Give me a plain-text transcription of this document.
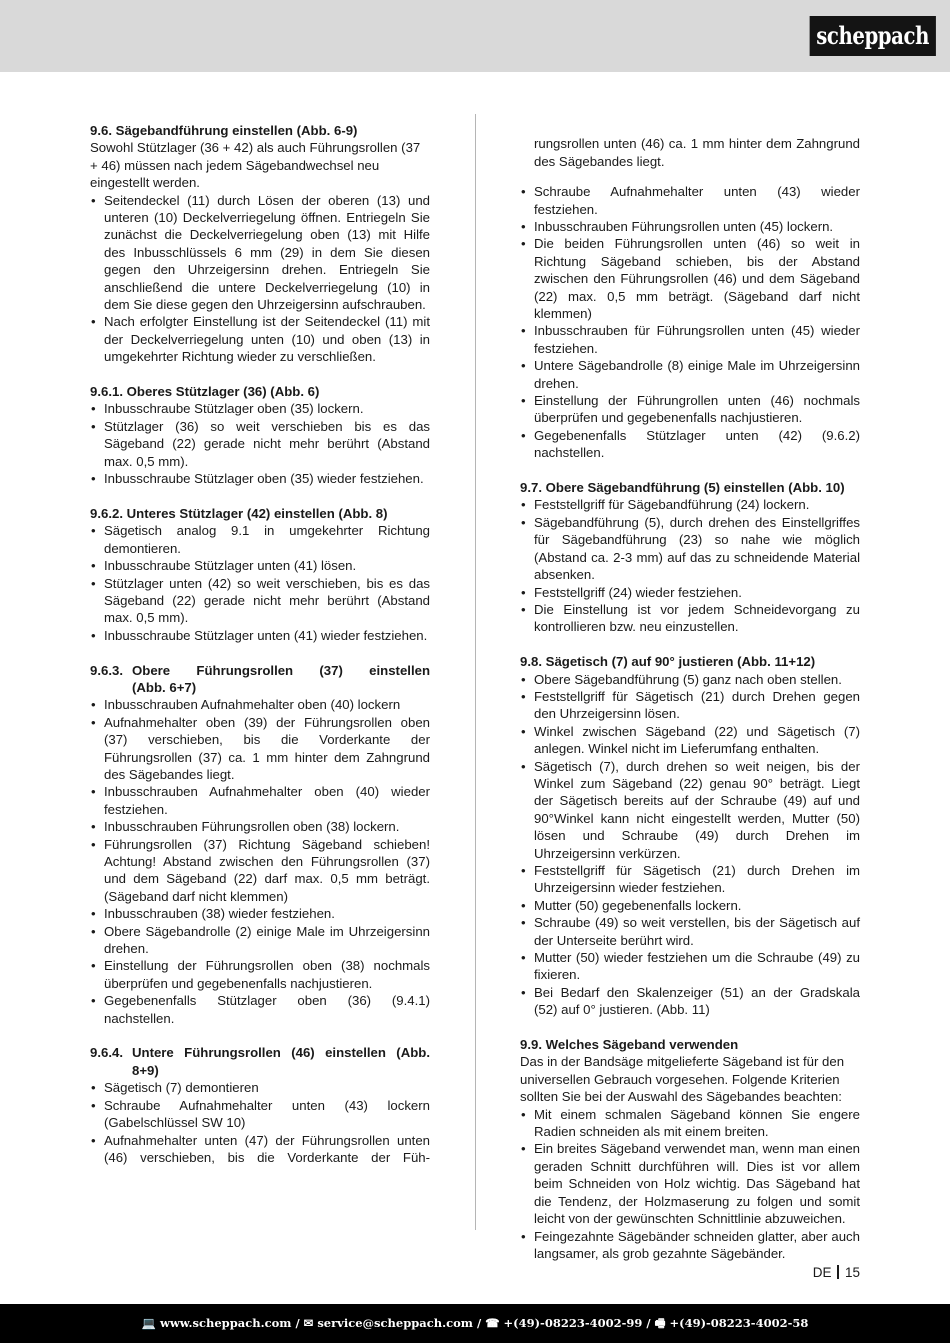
scheppach

9.6. Sägebandführung einstellen (Abb. 6-9)

Sowohl Stützlager (36 + 42) als auch Führungsrollen (37 + 46) müssen nach jedem Sägebandwechsel neu eingestellt werden.

• Seitendeckel (11) durch Lösen der oberen (13) und unteren (10) Deckelverriegelung öffnen. Entriegeln Sie zunächst die Deckelverriegelung oben (13) mit Hilfe des Inbusschlüssels 6 mm (29) in dem Sie diesen gegen den Uhrzeigersinn drehen. Entriegeln Sie anschließend die untere Deckelverriegelung (10) in dem Sie diese gegen den Uhrzeigersinn aufschrauben.
• Nach erfolgter Einstellung ist der Seitendeckel (11) mit der Deckelverriegelung unten (10) und oben (13) in umgekehrter Richtung wieder zu verschließen.

9.6.1. Oberes Stützlager (36) (Abb. 6)

• Inbusschraube Stützlager oben (35) lockern.
• Stützlager (36) so weit verschieben bis es das Sägeband (22) gerade nicht mehr berührt (Abstand max. 0,5 mm).
• Inbusschraube Stützlager oben (35) wieder festziehen.

9.6.2. Unteres Stützlager (42) einstellen (Abb. 8)

• Sägetisch analog 9.1 in umgekehrter Richtung demontieren.
• Inbusschraube Stützlager unten (41) lösen.
• Stützlager unten (42) so weit verschieben, bis es das Sägeband (22) gerade nicht mehr berührt (Abstand max. 0,5 mm).
• Inbusschraube Stützlager unten (41) wieder festziehen.
9.6.3. Obere Führungsrollen (37) einstellen
(Abb. 6+7)
• Inbusschrauben Aufnahmehalter oben (40) lockern
• Aufnahmehalter oben (39) der Führungsrollen oben (37) verschieben, bis die Vorderkante der Führungsrollen (37) ca. 1 mm hinter dem Zahngrund des Sägebandes liegt.
• Inbusschrauben Aufnahmehalter oben (40) wieder festziehen.
• Inbusschrauben Führungsrollen oben (38) lockern.
• Führungsrollen (37) Richtung Sägeband schieben! Achtung! Abstand zwischen den Führungsrollen (37) und dem Sägeband (22) darf max. 0,5 mm beträgt. (Sägeband darf nicht klemmen)
• Inbusschrauben (38) wieder festziehen.
• Obere Sägebandrolle (2) einige Male im Uhrzeigersinn drehen.
• Einstellung der Führungsrollen oben (38) nochmals überprüfen und gegebenenfalls nachjustieren.
• Gegebenenfalls Stützlager oben (36) (9.4.1) nachstellen.
9.6.4. Untere Führungsrollen (46) einstellen (Abb.
8+9)
• Sägetisch (7) demontieren
• Schraube Aufnahmehalter unten (43) lockern (Gabelschlüssel SW 10)
• Aufnahmehalter unten (47) der Führungsrollen unten (46) verschieben, bis die Vorderkante der Füh-

rungsrollen unten (46) ca. 1 mm hinter dem Zahngrund des Sägebandes liegt.

• Schraube Aufnahmehalter unten (43) wieder festziehen.
• Inbusschrauben Führungsrollen unten (45) lockern.
• Die beiden Führungsrollen unten (46) so weit in Richtung Sägeband schieben, bis der Abstand zwischen den Führungsrollen (46) und dem Sägeband (22) max. 0,5 mm beträgt. (Sägeband darf nicht klemmen)
• Inbusschrauben für Führungsrollen unten (45) wieder festziehen.
• Untere Sägebandrolle (8) einige Male im Uhrzeigersinn drehen.
• Einstellung der Führungrollen unten (46) nochmals überprüfen und gegebenenfalls nachjustieren.
• Gegebenenfalls Stützlager unten (42) (9.6.2) nachstellen.

9.7. Obere Sägebandführung (5) einstellen (Abb. 10)

• Feststellgriff für Sägebandführung (24) lockern.
• Sägebandführung (5), durch drehen des Einstellgriffes für Sägebandführung (23) so nahe wie möglich (Abstand ca. 2-3 mm) auf das zu schneidende Material absenken.
• Feststellgriff (24) wieder festziehen.
• Die Einstellung ist vor jedem Schneidevorgang zu kontrollieren bzw. neu einzustellen.

9.8. Sägetisch (7) auf 90° justieren (Abb. 11+12)

• Obere Sägebandführung (5) ganz nach oben stellen.
• Feststellgriff für Sägetisch (21) durch Drehen gegen den Uhrzeigersinn lösen.
• Winkel zwischen Sägeband (22) und Sägetisch (7) anlegen. Winkel nicht im Lieferumfang enthalten.
• Sägetisch (7), durch drehen so weit neigen, bis der Winkel zum Sägeband (22) genau 90° beträgt. Liegt der Sägetisch bereits auf der Schraube (49) auf und 90°Winkel kann nicht eingestellt werden, Mutter (50) lösen und Schraube (49) durch Drehen im Uhrzeigersinn verkürzen.
• Feststellgriff für Sägetisch (21) durch Drehen im Uhrzeigersinn wieder festziehen.
• Mutter (50) gegebenenfalls lockern.
• Schraube (49) so weit verstellen, bis der Sägetisch auf der Unterseite berührt wird.
• Mutter (50) wieder festziehen um die Schraube (49) zu fixieren.
• Bei Bedarf den Skalenzeiger (51) an der Gradskala (52) auf 0° justieren. (Abb. 11)

9.9. Welches Sägeband verwenden

Das in der Bandsäge mitgelieferte Sägeband ist für den universellen Gebrauch vorgesehen. Folgende Kriterien sollten Sie bei der Auswahl des Sägebandes beachten:

• Mit einem schmalen Sägeband können Sie engere Radien schneiden als mit einem breiten.
• Ein breites Sägeband verwendet man, wenn man einen geraden Schnitt durchführen will. Dies ist vor allem beim Schneiden von Holz wichtig. Das Sägeband hat die Tendenz, der Holzmaserung zu folgen und somit leicht von der gewünschten Schnittlinie abzuweichen.
• Feingezahnte Sägebänder schneiden glatter, aber auch langsamer, als grob gezahnte Sägebänder.
DE 15
💻 www.scheppach.com / ✉ service@scheppach.com / ☎ +(49)-08223-4002-99 / 🖷 +(49)-08223-4002-58
